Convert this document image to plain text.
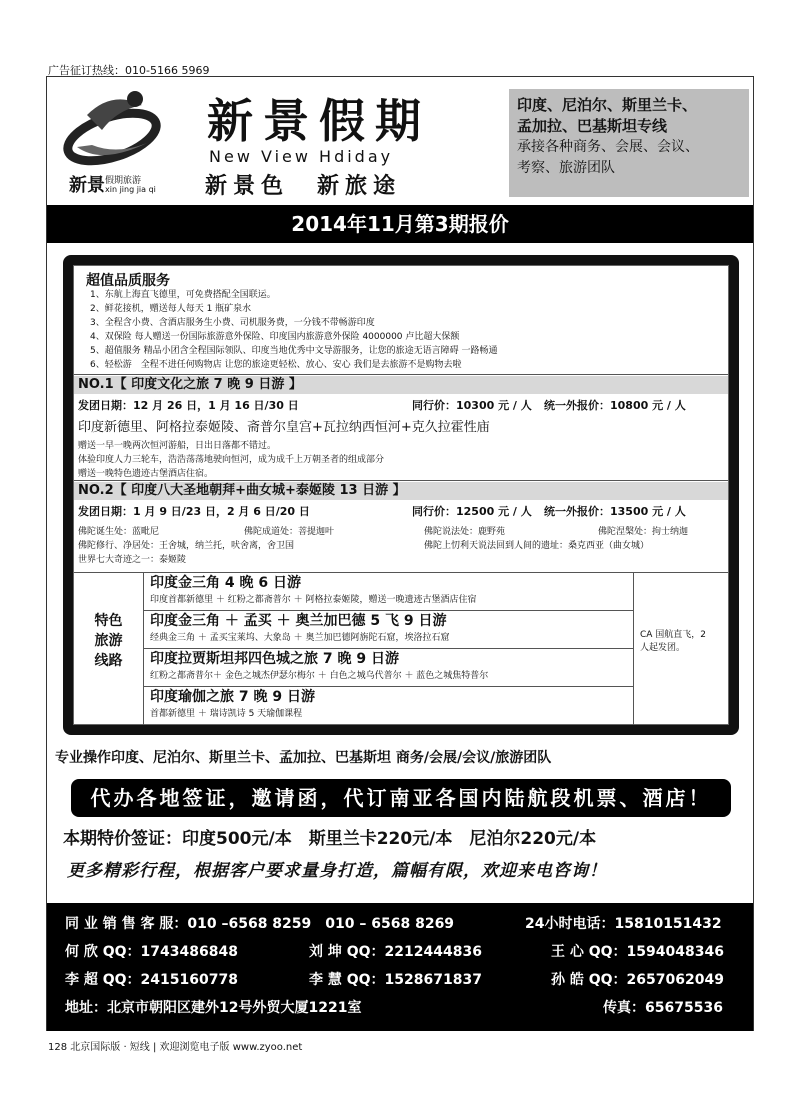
广告征订热线：010-5166 5969
新景 假期旅游
xin jing jia qi
新景假期
New View Hdiday
新景色　新旅途
印度、尼泊尔、斯里兰卡、
孟加拉、巴基斯坦专线
承接各种商务、会展、会议、
考察、旅游团队
2014年11月第3期报价
超值品质服务
1、东航上海直飞德里，可免费搭配全国联运。
2、鲜花接机，赠送每人每天 1 瓶矿泉水
3、全程含小费、含酒店服务生小费、司机服务费，一分钱不带畅游印度
4、双保险 每人赠送一份国际旅游意外保险、印度国内旅游意外保险 4000000 卢比超大保额
5、超值服务 精品小团含全程国际领队、印度当地优秀中文导游服务，让您的旅途无语言障碍 一路畅通
6、轻松游　全程不进任何购物店 让您的旅途更轻松、放心、安心 我们是去旅游不是购物去啦
NO.1【 印度文化之旅 7 晚 9 日游 】
发团日期：12 月 26 日，1 月 16 日/30 日	同行价：10300 元 / 人 统一外报价：10800 元 / 人
印度新德里、阿格拉泰姬陵、斋普尔皇宫+瓦拉纳西恒河+克久拉霍性庙
赠送一早一晚两次恒河游船，日出日落都不错过。
体验印度人力三轮车，浩浩荡荡地驶向恒河，成为成千上万朝圣者的组成部分
赠送一晚特色遗迹古堡酒店住宿。
NO.2【 印度八大圣地朝拜+曲女城+泰姬陵 13 日游 】
发团日期：1 月 9 日/23 日，2 月 6 日/20 日	同行价：12500 元 / 人 统一外报价：13500 元 / 人
佛陀诞生处：蓝毗尼	佛陀成道处：菩提迦叶	佛陀说法处：鹿野苑	佛陀涅槃处：拘士纳迦
佛陀修行、净居处：王舍城，纳兰托，吠舍离，舍卫国	佛陀上忉利天说法回到人间的遗址：桑克西亚（曲女城）
世界七大奇迹之一：泰姬陵
特色
旅游
线路
印度金三角 4 晚 6 日游
印度首都新德里 ＋ 红粉之都斋普尔 ＋ 阿格拉泰姬陵，赠送一晚遗迹古堡酒店住宿
印度金三角 ＋ 孟买 ＋ 奥兰加巴德 5 飞 9 日游
经典金三角 ＋ 孟买宝莱坞、大象岛 ＋ 奥兰加巴德阿旃陀石窟，埃洛拉石窟
印度拉贾斯坦邦四色城之旅 7 晚 9 日游
红粉之都斋普尔＋ 金色之城杰伊瑟尔梅尔 ＋ 白色之城乌代普尔 ＋ 蓝色之城焦特普尔
印度瑜伽之旅 7 晚 9 日游
首都新德里 ＋ 瑞诗凯诗 5 天瑜伽课程
CA 国航直飞，2
人起发团。
专业操作印度、尼泊尔、斯里兰卡、孟加拉、巴基斯坦 商务/会展/会议/旅游团队
代办各地签证，邀请函，代订南亚各国内陆航段机票、酒店！
本期特价签证：印度500元/本　斯里兰卡220元/本　尼泊尔220元/本
更多精彩行程，根据客户要求量身打造，篇幅有限，欢迎来电咨询！
同 业 销 售 客 服：010 –6568 8259　010 – 6568 8269	24小时电话：15810151432
何 欣 QQ：1743486848	刘 坤 QQ：2212444836	王 心 QQ：1594048346
李 超 QQ：2415160778	李 慧 QQ：1528671837	孙 皓 QQ：2657062049
地址：北京市朝阳区建外12号外贸大厦1221室	传真：65675536
128 北京国际版 · 短线 | 欢迎浏览电子版 www.zyoo.net
